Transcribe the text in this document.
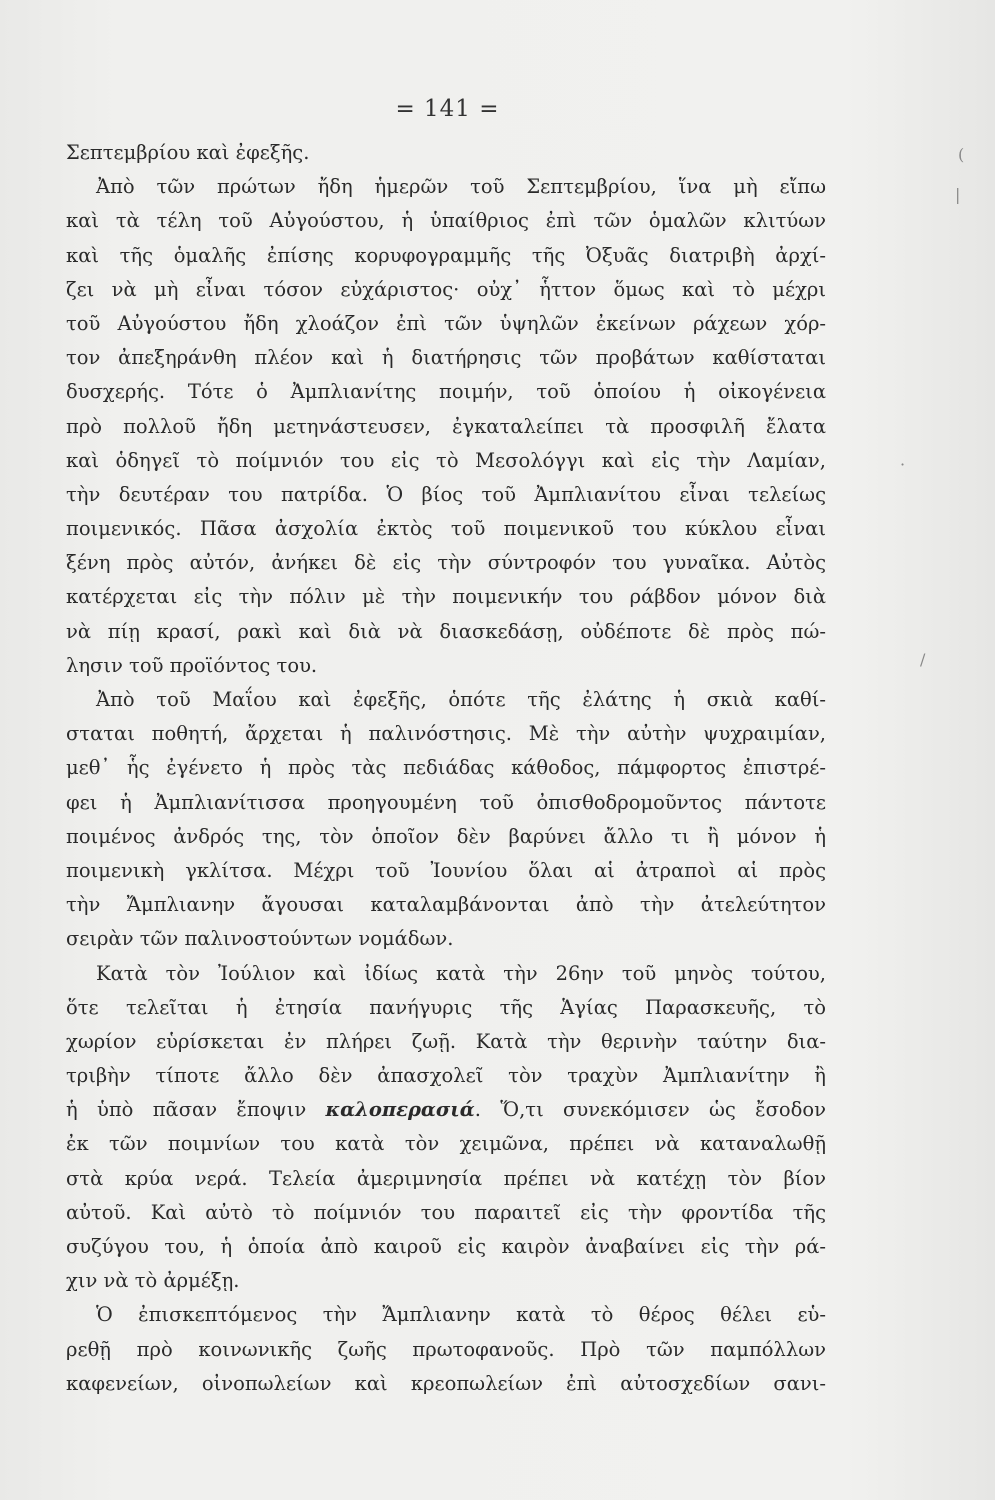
= 141 =
Σεπτεμβρίου καὶ ἐφεξῆς.
Ἀπὸ τῶν πρώτων ἤδη ἡμερῶν τοῦ Σεπτεμβρίου, ἵνα μὴ εἴπω
καὶ τὰ τέλη τοῦ Αὐγούστου, ἡ ὑπαίθριος ἐπὶ τῶν ὁμαλῶν κλιτύων
καὶ τῆς ὁμαλῆς ἐπίσης κορυφογραμμῆς τῆς Ὀξυᾶς διατριβὴ ἀρχί-
ζει νὰ μὴ εἶναι τόσον εὐχάριστος· οὐχ᾿ ἧττον ὅμως καὶ τὸ μέχρι
τοῦ Αὐγούστου ἤδη χλοάζον ἐπὶ τῶν ὑψηλῶν ἐκείνων ράχεων χόρ-
τον ἀπεξηράνθη πλέον καὶ ἡ διατήρησις τῶν προβάτων καθίσταται
δυσχερής. Τότε ὁ Ἀμπλιανίτης ποιμήν, τοῦ ὁποίου ἡ οἰκογένεια
πρὸ πολλοῦ ἤδη μετηνάστευσεν, ἐγκαταλείπει τὰ προσφιλῆ ἔλατα
καὶ ὁδηγεῖ τὸ ποίμνιόν του εἰς τὸ Μεσολόγγι καὶ εἰς τὴν Λαμίαν,
τὴν δευτέραν του πατρίδα. Ὁ βίος τοῦ Ἀμπλιανίτου εἶναι τελείως
ποιμενικός. Πᾶσα ἀσχολία ἐκτὸς τοῦ ποιμενικοῦ του κύκλου εἶναι
ξένη πρὸς αὐτόν, ἀνήκει δὲ εἰς τὴν σύντροφόν του γυναῖκα. Αὐτὸς
κατέρχεται εἰς τὴν πόλιν μὲ τὴν ποιμενικήν του ράβδον μόνον διὰ
νὰ πίῃ κρασί, ρακὶ καὶ διὰ νὰ διασκεδάσῃ, οὐδέποτε δὲ πρὸς πώ-
λησιν τοῦ προϊόντος του.
Ἀπὸ τοῦ Μαΐου καὶ ἐφεξῆς, ὁπότε τῆς ἐλάτης ἡ σκιὰ καθί-
σταται ποθητή, ἄρχεται ἡ παλινόστησις. Μὲ τὴν αὐτὴν ψυχραιμίαν,
μεθ᾿ ἧς ἐγένετο ἡ πρὸς τὰς πεδιάδας κάθοδος, πάμφορτος ἐπιστρέ-
φει ἡ Ἀμπλιανίτισσα προηγουμένη τοῦ ὀπισθοδρομοῦντος πάντοτε
ποιμένος ἀνδρός της, τὸν ὁποῖον δὲν βαρύνει ἄλλο τι ἢ μόνον ἡ
ποιμενικὴ γκλίτσα. Μέχρι τοῦ Ἰουνίου ὅλαι αἱ ἀτραποὶ αἱ πρὸς
τὴν Ἄμπλιανην ἄγουσαι καταλαμβάνονται ἀπὸ τὴν ἀτελεύτητον
σειρὰν τῶν παλινοστούντων νομάδων.
Κατὰ τὸν Ἰούλιον καὶ ἰδίως κατὰ τὴν 26ην τοῦ μηνὸς τούτου,
ὅτε τελεῖται ἡ ἐτησία πανήγυρις τῆς Ἁγίας Παρασκευῆς, τὸ
χωρίον εὑρίσκεται ἐν πλήρει ζωῇ. Κατὰ τὴν θερινὴν ταύτην δια-
τριβὴν τίποτε ἄλλο δὲν ἀπασχολεῖ τὸν τραχὺν Ἀμπλιανίτην ἢ
ἡ ὑπὸ πᾶσαν ἔποψιν καλοπερασιά. Ὅ,τι συνεκόμισεν ὡς ἔσοδον
ἐκ τῶν ποιμνίων του κατὰ τὸν χειμῶνα, πρέπει νὰ καταναλωθῇ
στὰ κρύα νερά. Τελεία ἀμεριμνησία πρέπει νὰ κατέχῃ τὸν βίον
αὐτοῦ. Καὶ αὐτὸ τὸ ποίμνιόν του παραιτεῖ εἰς τὴν φροντίδα τῆς
συζύγου του, ἡ ὁποία ἀπὸ καιροῦ εἰς καιρὸν ἀναβαίνει εἰς τὴν ρά-
χιν νὰ τὸ ἀρμέξῃ.
Ὁ ἐπισκεπτόμενος τὴν Ἄμπλιανην κατὰ τὸ θέρος θέλει εὑ-
ρεθῇ πρὸ κοινωνικῆς ζωῆς πρωτοφανοῦς. Πρὸ τῶν παμπόλλων
καφενείων, οἰνοπωλείων καὶ κρεοπωλείων ἐπὶ αὐτοσχεδίων σανι-
(
|
·
/
